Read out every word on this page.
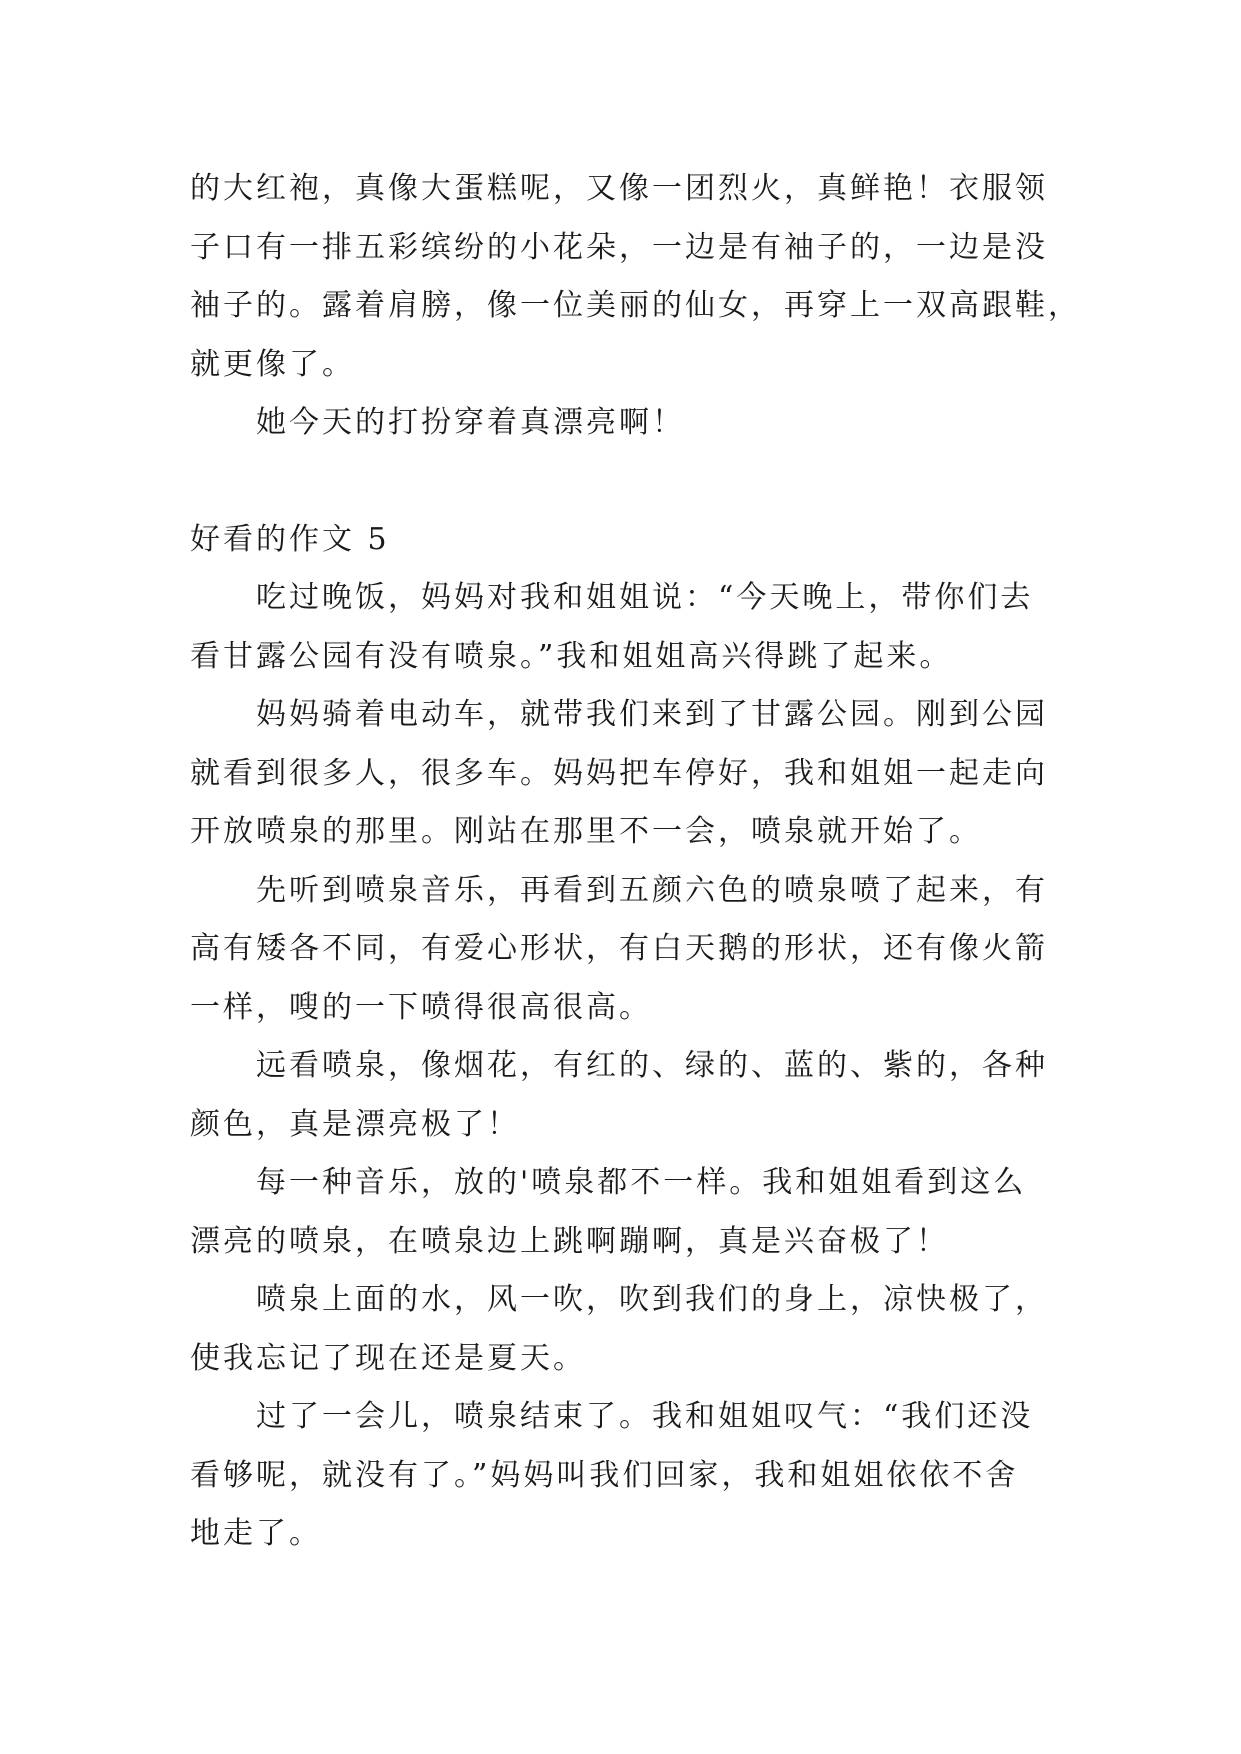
的大红袍，真像大蛋糕呢，又像一团烈火，真鲜艳！衣服领
子口有一排五彩缤纷的小花朵，一边是有袖子的，一边是没
袖子的。露着肩膀，像一位美丽的仙女，再穿上一双高跟鞋，
就更像了。

她今天的打扮穿着真漂亮啊！

好看的作文 5

吃过晚饭，妈妈对我和姐姐说：“今天晚上，带你们去
看甘露公园有没有喷泉。”我和姐姐高兴得跳了起来。

妈妈骑着电动车，就带我们来到了甘露公园。刚到公园
就看到很多人，很多车。妈妈把车停好，我和姐姐一起走向
开放喷泉的那里。刚站在那里不一会，喷泉就开始了。

先听到喷泉音乐，再看到五颜六色的喷泉喷了起来，有
高有矮各不同，有爱心形状，有白天鹅的形状，还有像火箭
一样，嗖的一下喷得很高很高。

远看喷泉，像烟花，有红的、绿的、蓝的、紫的，各种
颜色，真是漂亮极了！

每一种音乐，放的'喷泉都不一样。我和姐姐看到这么
漂亮的喷泉，在喷泉边上跳啊蹦啊，真是兴奋极了！

喷泉上面的水，风一吹，吹到我们的身上，凉快极了，
使我忘记了现在还是夏天。

过了一会儿，喷泉结束了。我和姐姐叹气：“我们还没
看够呢，就没有了。”妈妈叫我们回家，我和姐姐依依不舍
地走了。
